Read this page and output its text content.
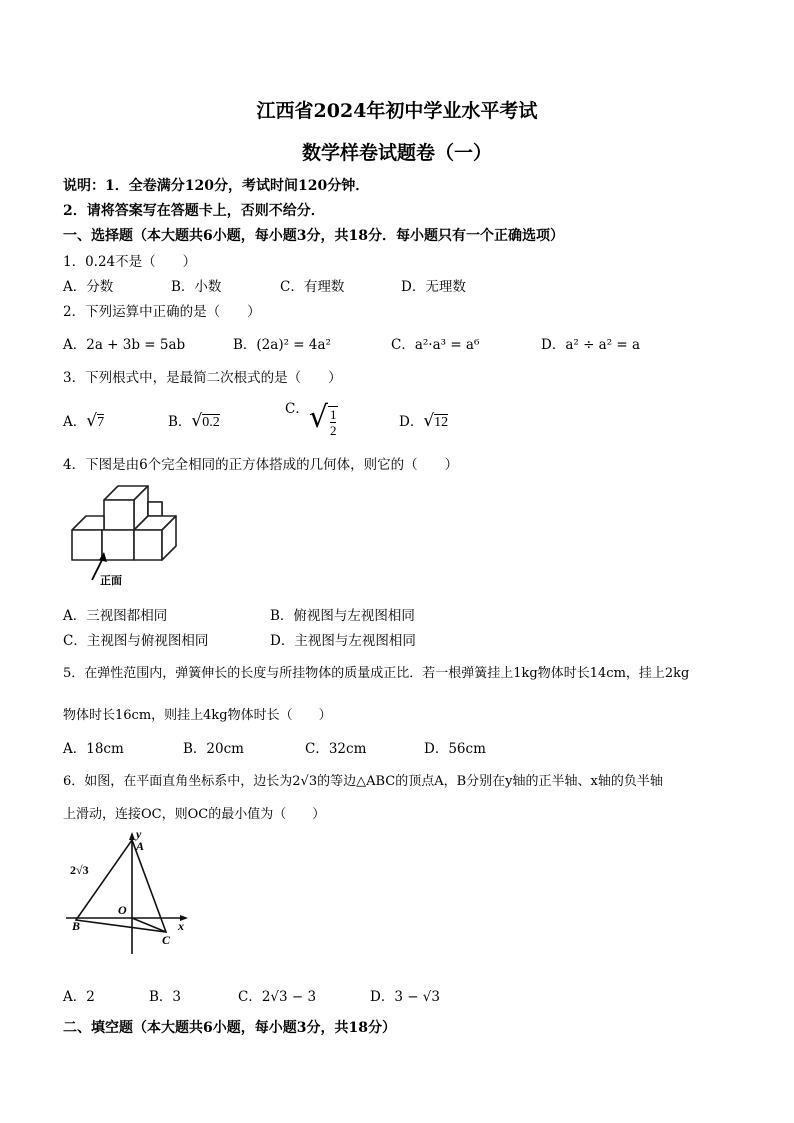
江西省2024年初中学业水平考试
数学样卷试题卷（一）
说明：1．全卷满分120分，考试时间120分钟．
2．请将答案写在答题卡上，否则不给分．
一、选择题（本大题共6小题，每小题3分，共18分．每小题只有一个正确选项）
1．0.24不是（　　）
A．分数	B．小数	C．有理数	D．无理数
2．下列运算中正确的是（　　）
A．2a + 3b = 5ab	B．(2a)² = 4a²	C．a²·a³ = a⁶	D．a² ÷ a² = a
3．下列根式中，是最简二次根式的是（　　）
A．√7	B．√0.2
C．√ $\frac{1}{2}$	D．√12
4．下图是由6个完全相同的正方体搭成的几何体，则它的（　　）
正面
A．三视图都相同	B．俯视图与左视图相同
C．主视图与俯视图相同	D．主视图与左视图相同
5．在弹性范围内，弹簧伸长的长度与所挂物体的质量成正比．若一根弹簧挂上1kg物体时长14cm，挂上2kg
物体时长16cm，则挂上4kg物体时长（　　）
A．18cm	B．20cm	C．32cm	D．56cm
6．如图，在平面直角坐标系中，边长为2√3的等边△ABC的顶点A，B分别在y轴的正半轴、x轴的负半轴
上滑动，连接OC，则OC的最小值为（　　）
2√3
A
B
C
O
x
y
A．2	B．3	C．2√3 − 3	D．3 − √3
二、填空题（本大题共6小题，每小题3分，共18分）
